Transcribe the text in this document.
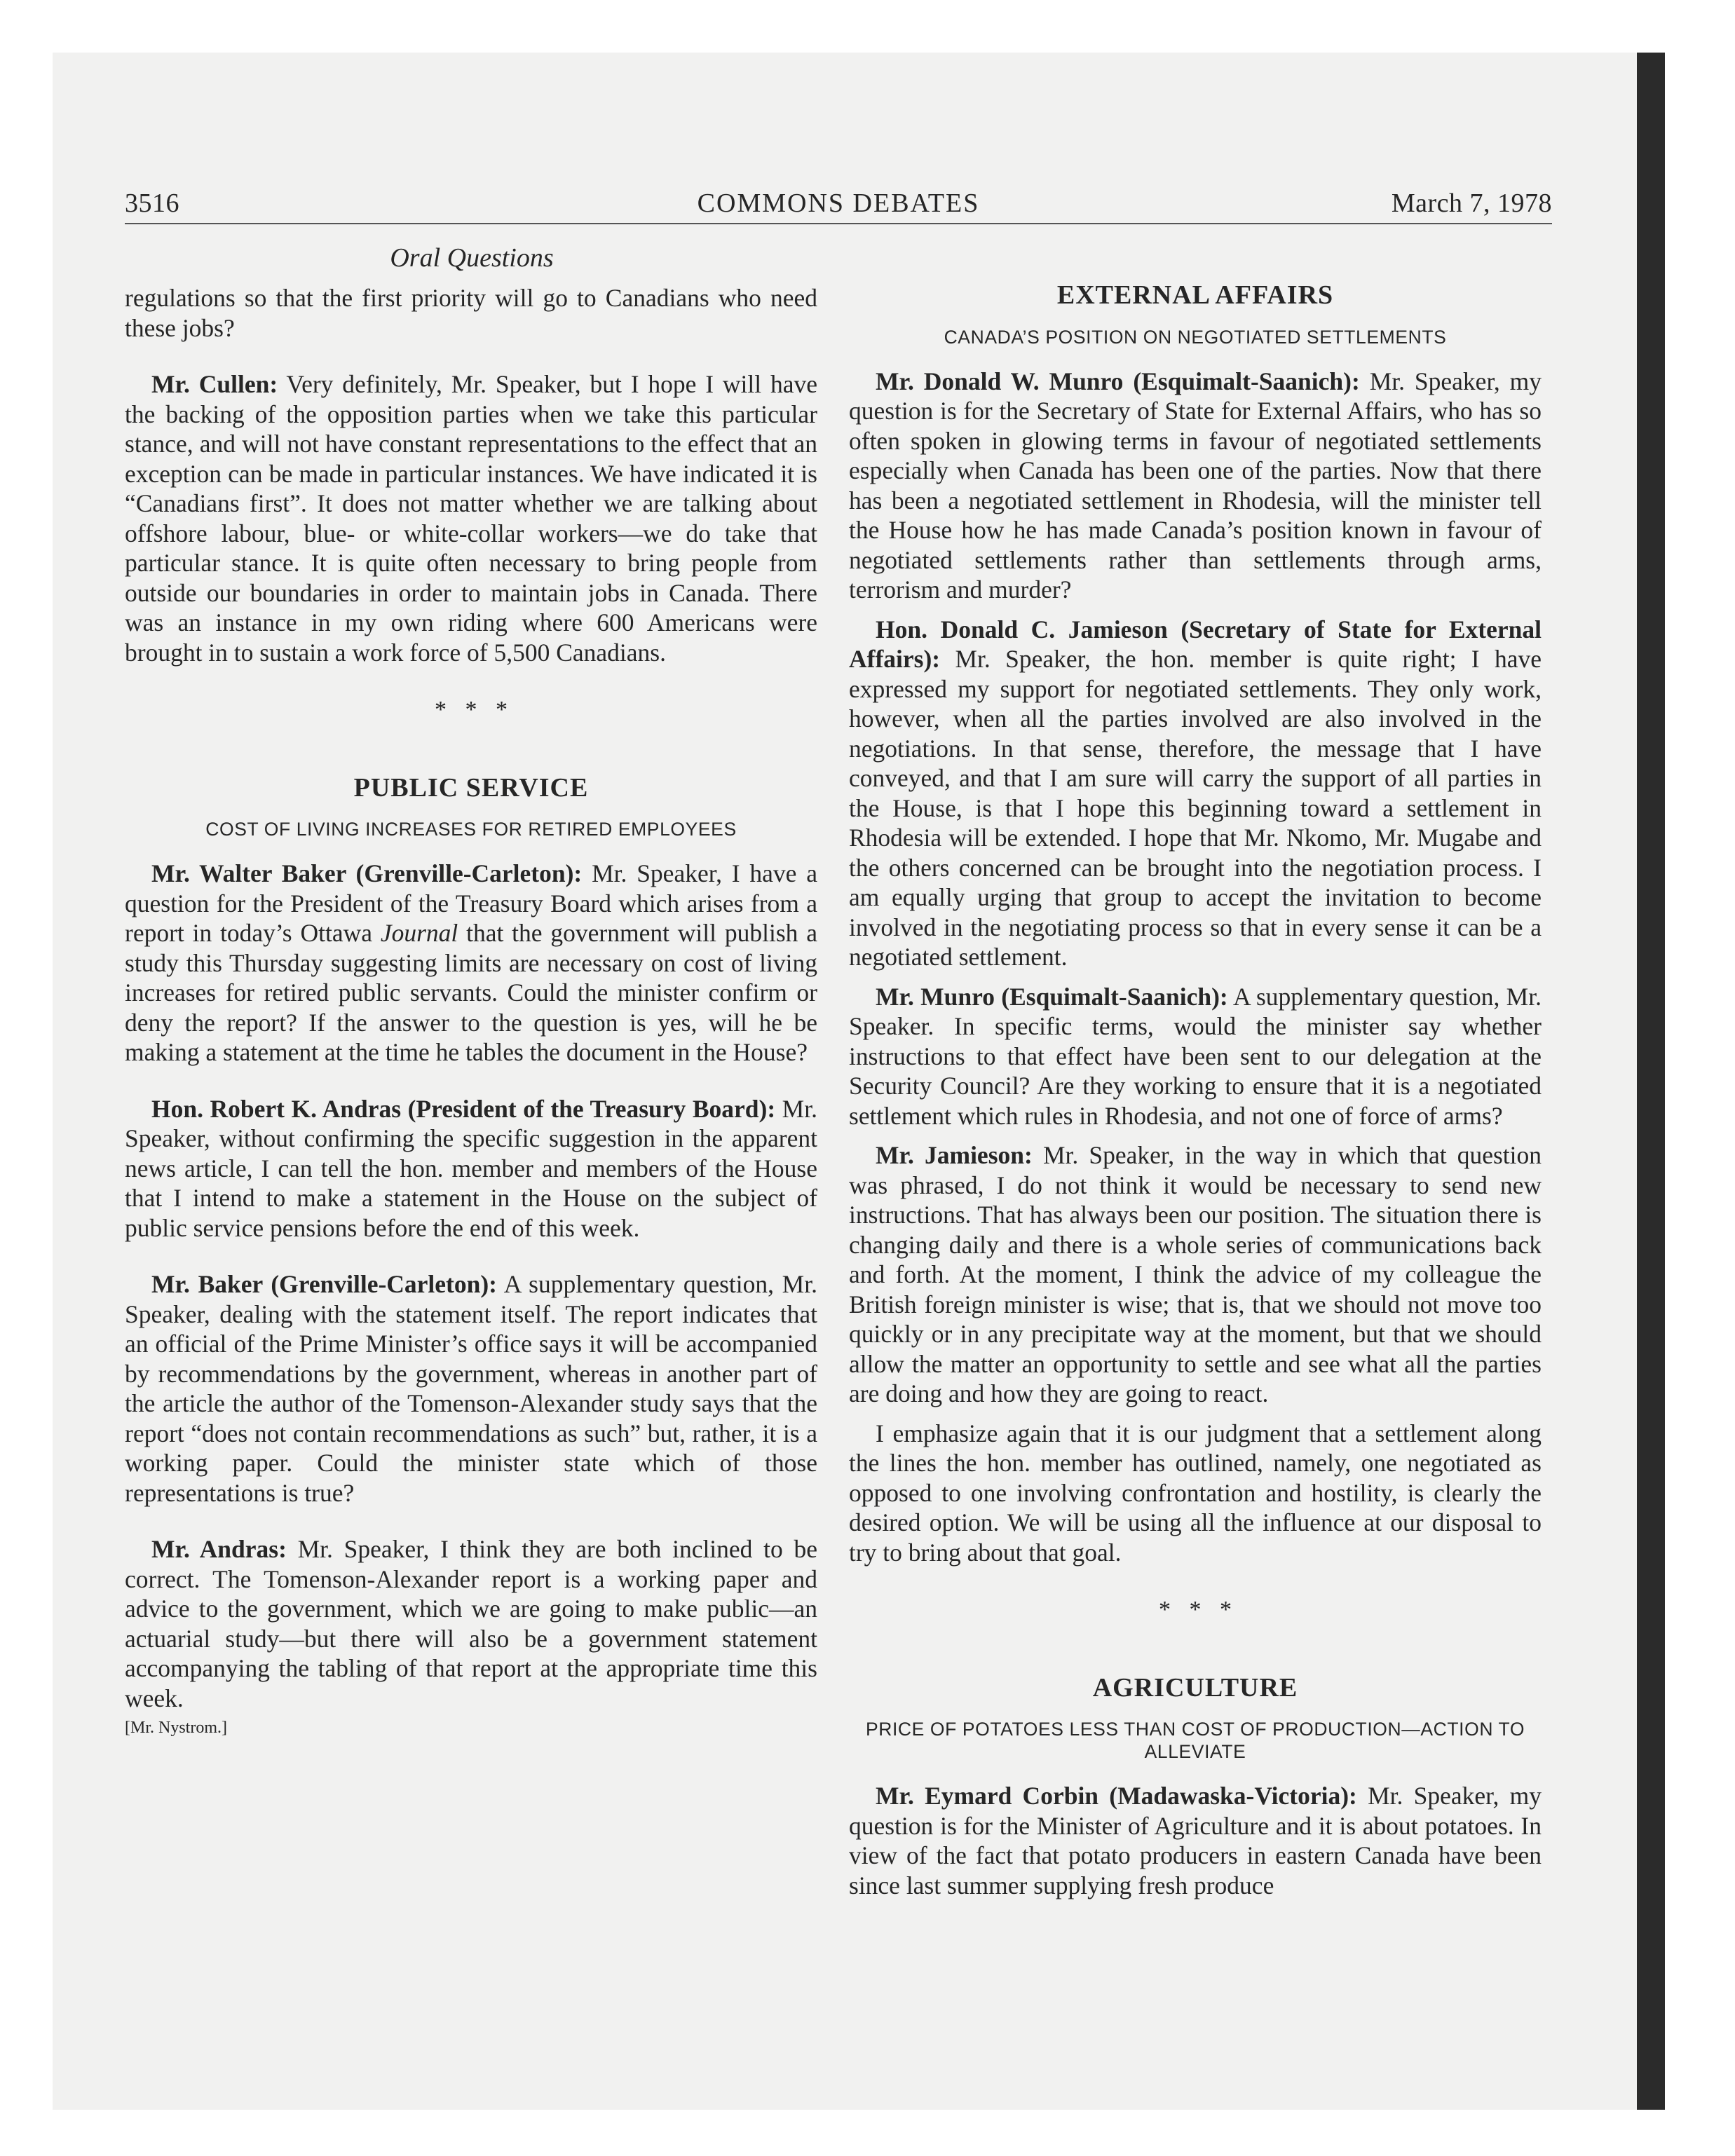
3516	COMMONS DEBATES	March 7, 1978
Oral Questions

regulations so that the first priority will go to Canadians who need these jobs?

Mr. Cullen: Very definitely, Mr. Speaker, but I hope I will have the backing of the opposition parties when we take this particular stance, and will not have constant representations to the effect that an exception can be made in particular instances. We have indicated it is “Canadians first”. It does not matter whether we are talking about offshore labour, blue- or white-collar workers—we do take that particular stance. It is quite often necessary to bring people from outside our boundaries in order to maintain jobs in Canada. There was an instance in my own riding where 600 Americans were brought in to sustain a work force of 5,500 Canadians.

* * *
PUBLIC SERVICE
COST OF LIVING INCREASES FOR RETIRED EMPLOYEES

Mr. Walter Baker (Grenville-Carleton): Mr. Speaker, I have a question for the President of the Treasury Board which arises from a report in today’s Ottawa Journal that the government will publish a study this Thursday suggesting limits are necessary on cost of living increases for retired public servants. Could the minister confirm or deny the report? If the answer to the question is yes, will he be making a statement at the time he tables the document in the House?

Hon. Robert K. Andras (President of the Treasury Board): Mr. Speaker, without confirming the specific suggestion in the apparent news article, I can tell the hon. member and members of the House that I intend to make a statement in the House on the subject of public service pensions before the end of this week.

Mr. Baker (Grenville-Carleton): A supplementary question, Mr. Speaker, dealing with the statement itself. The report indicates that an official of the Prime Minister’s office says it will be accompanied by recommendations by the government, whereas in another part of the article the author of the Tomenson-Alexander study says that the report “does not contain recommendations as such” but, rather, it is a working paper. Could the minister state which of those representations is true?

Mr. Andras: Mr. Speaker, I think they are both inclined to be correct. The Tomenson-Alexander report is a working paper and advice to the government, which we are going to make public—an actuarial study—but there will also be a government statement accompanying the tabling of that report at the appropriate time this week.

[Mr. Nystrom.]

EXTERNAL AFFAIRS
CANADA’S POSITION ON NEGOTIATED SETTLEMENTS

Mr. Donald W. Munro (Esquimalt-Saanich): Mr. Speaker, my question is for the Secretary of State for External Affairs, who has so often spoken in glowing terms in favour of negotiated settlements especially when Canada has been one of the parties. Now that there has been a negotiated settlement in Rhodesia, will the minister tell the House how he has made Canada’s position known in favour of negotiated settlements rather than settlements through arms, terrorism and murder?

Hon. Donald C. Jamieson (Secretary of State for External Affairs): Mr. Speaker, the hon. member is quite right; I have expressed my support for negotiated settlements. They only work, however, when all the parties involved are also involved in the negotiations. In that sense, therefore, the message that I have conveyed, and that I am sure will carry the support of all parties in the House, is that I hope this beginning toward a settlement in Rhodesia will be extended. I hope that Mr. Nkomo, Mr. Mugabe and the others concerned can be brought into the negotiation process. I am equally urging that group to accept the invitation to become involved in the negotiating process so that in every sense it can be a negotiated settlement.

Mr. Munro (Esquimalt-Saanich): A supplementary question, Mr. Speaker. In specific terms, would the minister say whether instructions to that effect have been sent to our delegation at the Security Council? Are they working to ensure that it is a negotiated settlement which rules in Rhodesia, and not one of force of arms?

Mr. Jamieson: Mr. Speaker, in the way in which that question was phrased, I do not think it would be necessary to send new instructions. That has always been our position. The situation there is changing daily and there is a whole series of communications back and forth. At the moment, I think the advice of my colleague the British foreign minister is wise; that is, that we should not move too quickly or in any precipitate way at the moment, but that we should allow the matter an opportunity to settle and see what all the parties are doing and how they are going to react.

I emphasize again that it is our judgment that a settlement along the lines the hon. member has outlined, namely, one negotiated as opposed to one involving confrontation and hostility, is clearly the desired option. We will be using all the influence at our disposal to try to bring about that goal.

* * *
AGRICULTURE
PRICE OF POTATOES LESS THAN COST OF PRODUCTION—ACTION TO ALLEVIATE

Mr. Eymard Corbin (Madawaska-Victoria): Mr. Speaker, my question is for the Minister of Agriculture and it is about potatoes. In view of the fact that potato producers in eastern Canada have been since last summer supplying fresh produce
